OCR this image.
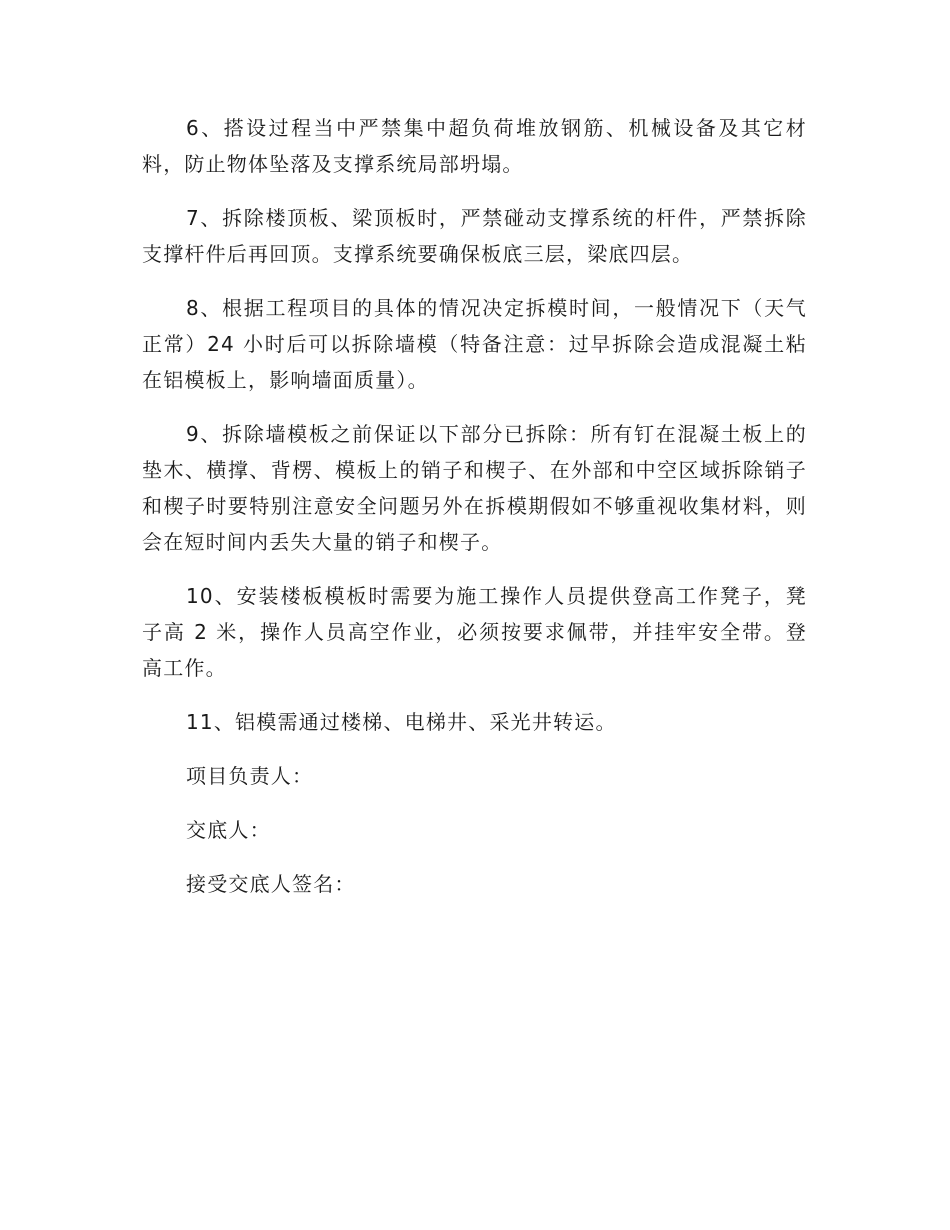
6、搭设过程当中严禁集中超负荷堆放钢筋、机械设备及其它材料，防止物体坠落及支撑系统局部坍塌。

7、拆除楼顶板、梁顶板时，严禁碰动支撑系统的杆件，严禁拆除支撑杆件后再回顶。支撑系统要确保板底三层，梁底四层。

8、根据工程项目的具体的情况决定拆模时间，一般情况下（天气正常）24 小时后可以拆除墙模（特备注意：过早拆除会造成混凝土粘在铝模板上，影响墙面质量）。

9、拆除墙模板之前保证以下部分已拆除：所有钉在混凝土板上的垫木、横撑、背楞、模板上的销子和楔子、在外部和中空区域拆除销子和楔子时要特别注意安全问题另外在拆模期假如不够重视收集材料，则会在短时间内丢失大量的销子和楔子。

10、安装楼板模板时需要为施工操作人员提供登高工作凳子，凳子高 2 米，操作人员高空作业，必须按要求佩带，并挂牢安全带。登高工作。

11、铝模需通过楼梯、电梯井、采光井转运。

项目负责人：

交底人：

接受交底人签名：
